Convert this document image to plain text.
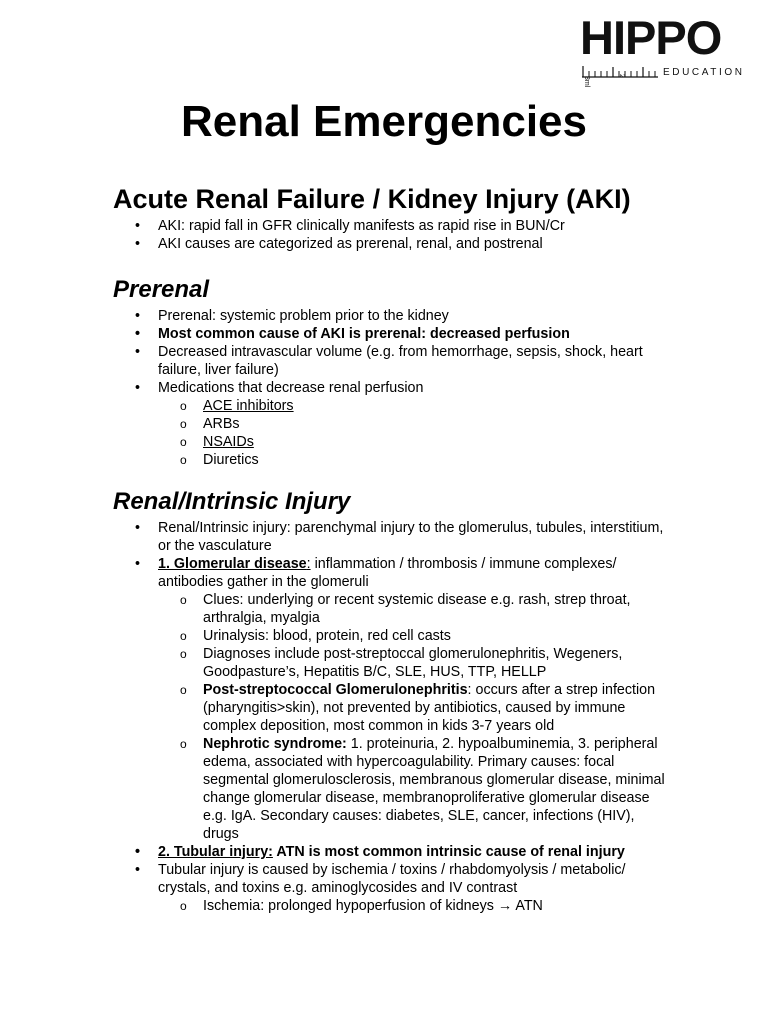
HIPPO
EDUCATION
3ml
2
Renal Emergencies
Acute Renal Failure / Kidney Injury (AKI)
• AKI: rapid fall in GFR clinically manifests as rapid rise in BUN/Cr
• AKI causes are categorized as prerenal, renal, and postrenal
Prerenal
• Prerenal: systemic problem prior to the kidney
• Most common cause of AKI is prerenal: decreased perfusion
• Decreased intravascular volume (e.g. from hemorrhage, sepsis, shock, heart failure, liver failure)
• Medications that decrease renal perfusion
o ACE inhibitors
o ARBs
o NSAIDs
o Diuretics
Renal/Intrinsic Injury
• Renal/Intrinsic injury: parenchymal injury to the glomerulus, tubules, interstitium, or the vasculature
• 1. Glomerular disease: inflammation / thrombosis / immune complexes/ antibodies gather in the glomeruli
o Clues: underlying or recent systemic disease e.g. rash, strep throat, arthralgia, myalgia
o Urinalysis: blood, protein, red cell casts
o Diagnoses include post-streptoccal glomerulonephritis, Wegeners, Goodpasture’s, Hepatitis B/C, SLE, HUS, TTP, HELLP
o Post-streptococcal Glomerulonephritis: occurs after a strep infection (pharyngitis>skin), not prevented by antibiotics, caused by immune complex deposition, most common in kids 3-7 years old
o Nephrotic syndrome: 1. proteinuria, 2. hypoalbuminemia, 3. peripheral edema, associated with hypercoagulability. Primary causes: focal segmental glomerulosclerosis, membranous glomerular disease, minimal change glomerular disease, membranoproliferative glomerular disease e.g. IgA. Secondary causes: diabetes, SLE, cancer, infections (HIV), drugs
• 2. Tubular injury: ATN is most common intrinsic cause of renal injury
• Tubular injury is caused by ischemia / toxins / rhabdomyolysis / metabolic/ crystals, and toxins e.g. aminoglycosides and IV contrast
o Ischemia: prolonged hypoperfusion of kidneys → ATN
